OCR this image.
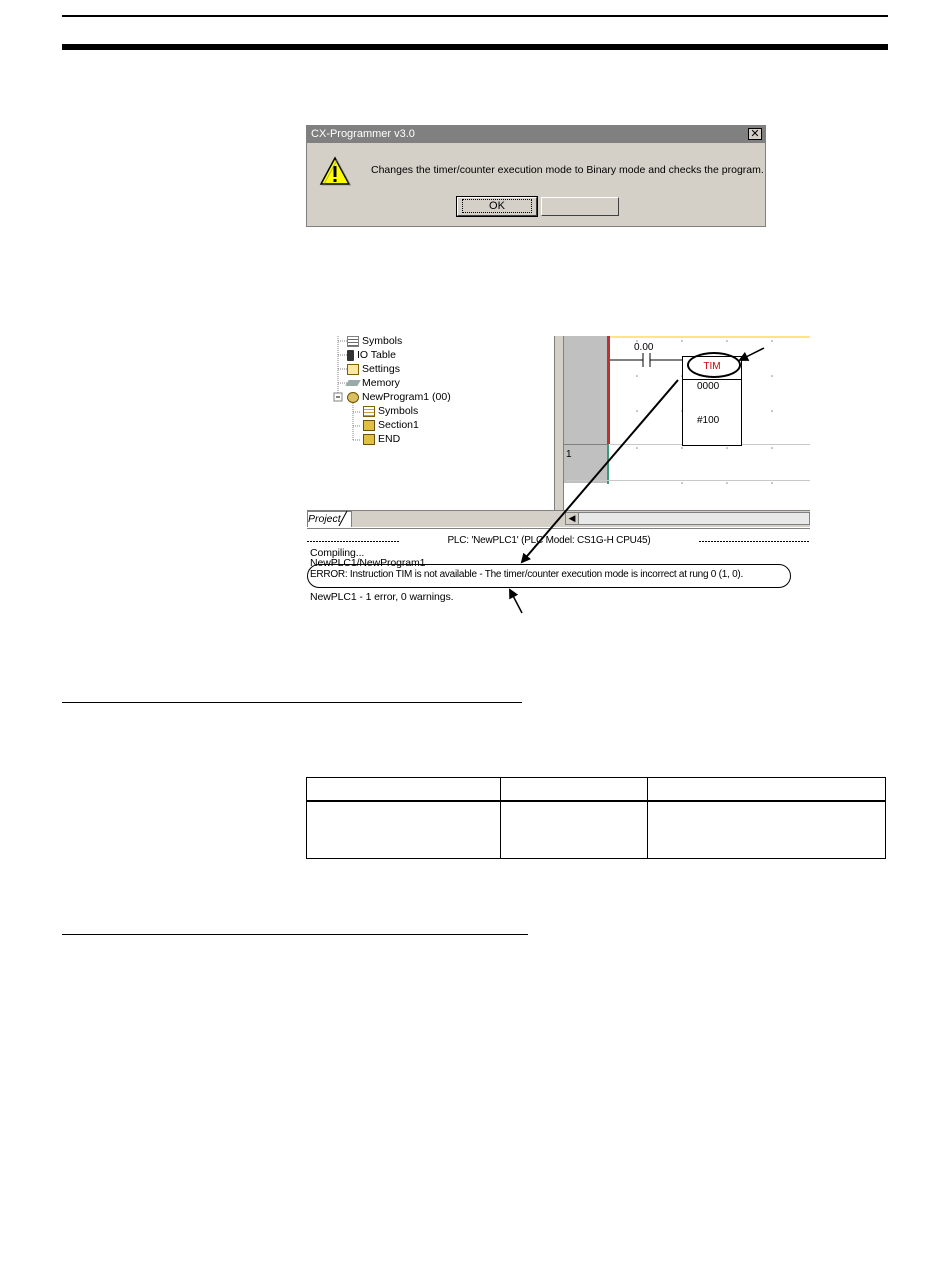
CX-Programmer v3.0	✕
Changes the timer/counter execution mode to Binary mode and checks the program.
OK
Symbols
IO Table
Settings
Memory
NewProgram1 (00)
Symbols
Section1
END
1
0.00
TIM
0000
#100
Project	◀
PLC: 'NewPLC1' (PLC Model: CS1G-H CPU45)
Compiling...
NewPLC1/NewProgram1
ERROR: Instruction TIM is not available - The timer/counter execution mode is incorrect at rung 0 (1, 0).
NewPLC1 - 1 error, 0 warnings.
